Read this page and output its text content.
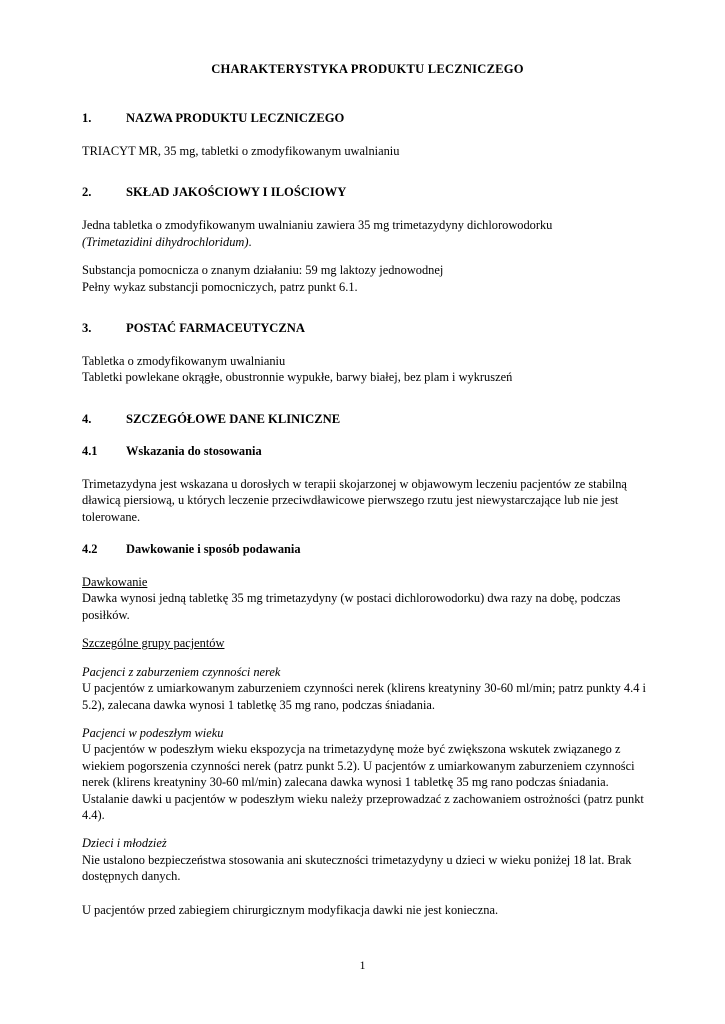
CHARAKTERYSTYKA PRODUKTU LECZNICZEGO
1.	NAZWA PRODUKTU LECZNICZEGO

TRIACYT MR, 35 mg, tabletki o zmodyfikowanym uwalnianiu

2.	SKŁAD JAKOŚCIOWY I ILOŚCIOWY

Jedna tabletka o zmodyfikowanym uwalnianiu zawiera 35 mg trimetazydyny dichlorowodorku

(Trimetazidini dihydrochloridum).

Substancja pomocnicza o znanym działaniu: 59 mg laktozy jednowodnej

Pełny wykaz substancji pomocniczych, patrz punkt 6.1.

3.	POSTAĆ FARMACEUTYCZNA

Tabletka o zmodyfikowanym uwalnianiu

Tabletki powlekane okrągłe, obustronnie wypukłe, barwy białej, bez plam i wykruszeń

4.	SZCZEGÓŁOWE DANE KLINICZNE
4.1	Wskazania do stosowania

Trimetazydyna jest wskazana u dorosłych w terapii skojarzonej w objawowym leczeniu pacjentów ze stabilną dławicą piersiową, u których leczenie przeciwdławicowe pierwszego rzutu jest niewystarczające lub nie jest tolerowane.

4.2	Dawkowanie i sposób podawania

Dawkowanie

Dawka wynosi jedną tabletkę 35 mg trimetazydyny (w postaci dichlorowodorku) dwa razy na dobę, podczas posiłków.

Szczególne grupy pacjentów

Pacjenci z zaburzeniem czynności nerek

U pacjentów z umiarkowanym zaburzeniem czynności nerek (klirens kreatyniny 30-60 ml/min; patrz punkty 4.4 i 5.2), zalecana dawka wynosi 1 tabletkę 35 mg rano, podczas śniadania.

Pacjenci w podeszłym wieku

U pacjentów w podeszłym wieku ekspozycja na trimetazydynę może być zwiększona wskutek związanego z wiekiem pogorszenia czynności nerek (patrz punkt 5.2). U pacjentów z umiarkowanym zaburzeniem czynności nerek (klirens kreatyniny 30-60 ml/min) zalecana dawka wynosi 1 tabletkę 35 mg rano podczas śniadania. Ustalanie dawki u pacjentów w podeszłym wieku należy przeprowadzać z zachowaniem ostrożności (patrz punkt 4.4).

Dzieci i młodzież

Nie ustalono bezpieczeństwa stosowania ani skuteczności trimetazydyny u dzieci w wieku poniżej 18 lat. Brak dostępnych danych.

U pacjentów przed zabiegiem chirurgicznym modyfikacja dawki nie jest konieczna.

1
